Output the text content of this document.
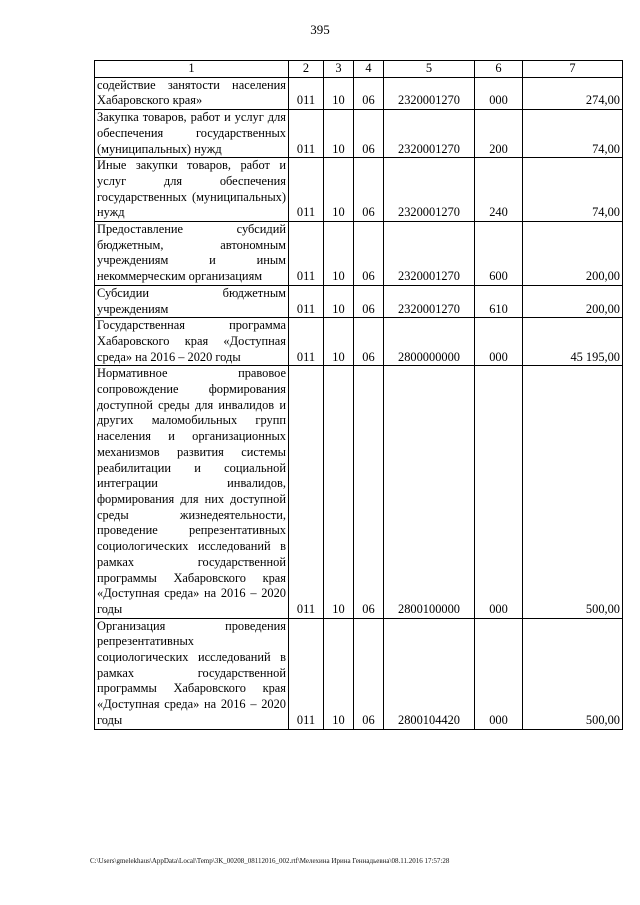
395
1	2	3	4	5	6	7
содействие занятости населения Хабаровского края»	011	10	06	2320001270	000	274,00
Закупка товаров, работ и услуг для обеспечения государственных (муниципальных) нужд	011	10	06	2320001270	200	74,00
Иные закупки товаров, работ и услуг для обеспечения государственных (муниципальных) нужд	011	10	06	2320001270	240	74,00
Предоставление субсидий бюджетным, автономным учреждениям и иным некоммерческим организациям	011	10	06	2320001270	600	200,00
Субсидии бюджетным учреждениям	011	10	06	2320001270	610	200,00
Государственная программа Хабаровского края «Доступная среда» на 2016 – 2020 годы	011	10	06	2800000000	000	45 195,00
Нормативное правовое сопровождение формирования доступной среды для инвалидов и других маломобильных групп населения и организационных механизмов развития системы реабилитации и социальной интеграции инвалидов, формирования для них доступной среды жизнедеятельности, проведение репрезентативных социологических исследований в рамках государственной программы Хабаровского края «Доступная среда» на 2016 – 2020 годы	011	10	06	2800100000	000	500,00
Организация проведения репрезентативных социологических исследований в рамках государственной программы Хабаровского края «Доступная среда» на 2016 – 2020 годы	011	10	06	2800104420	000	500,00
C:\Users\gmelekhaus\AppData\Local\Temp\3K_00208_08112016_002.rtf\Мелехина Ирина Геннадьевна\08.11.2016 17:57:28
